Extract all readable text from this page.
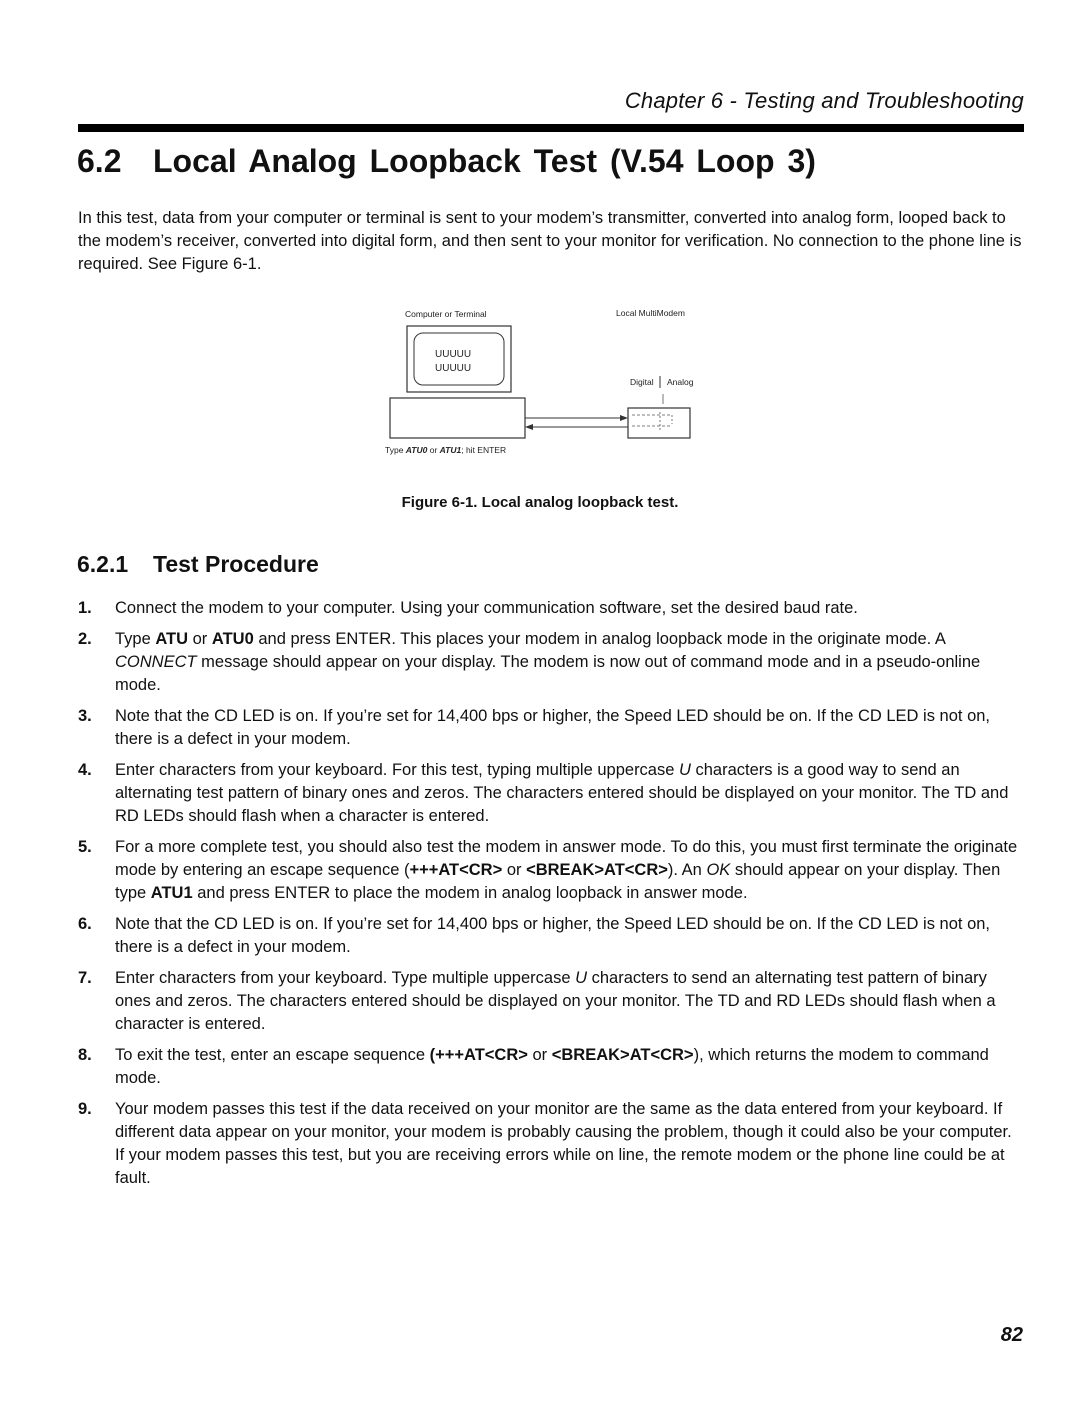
Chapter 6 - Testing and Troubleshooting
6.2 Local Analog Loopback Test (V.54 Loop 3)

In this test, data from your computer or terminal is sent to your modem’s transmitter, converted into analog form, looped back to the modem’s receiver, converted into digital form, and then sent to your monitor for verification. No connection to the phone line is required. See Figure 6-1.

Computer or Terminal	Local MultiModem
UUUUU
UUUUU
Digital Analog
Type ATU0 or ATU1; hit ENTER

Figure 6-1. Local analog loopback test.

6.2.1 Test Procedure
1.	Connect the modem to your computer. Using your communication software, set the desired baud rate.
2.	Type ATU or ATU0 and press ENTER. This places your modem in analog loopback mode in the originate mode. A CONNECT message should appear on your display. The modem is now out of command mode and in a pseudo-online mode.
3.	Note that the CD LED is on. If you’re set for 14,400 bps or higher, the Speed LED should be on. If the CD LED is not on, there is a defect in your modem.
4.	Enter characters from your keyboard. For this test, typing multiple uppercase U characters is a good way to send an alternating test pattern of binary ones and zeros. The characters entered should be displayed on your monitor. The TD and RD LEDs should flash when a character is entered.
5.	For a more complete test, you should also test the modem in answer mode. To do this, you must first terminate the originate mode by entering an escape sequence (+++AT<CR> or <BREAK>AT<CR>). An OK should appear on your display. Then type ATU1 and press ENTER to place the modem in analog loopback in answer mode.
6.	Note that the CD LED is on. If you’re set for 14,400 bps or higher, the Speed LED should be on. If the CD LED is not on, there is a defect in your modem.
7.	Enter characters from your keyboard. Type multiple uppercase U characters to send an alternating test pattern of binary ones and zeros. The characters entered should be displayed on your monitor. The TD and RD LEDs should flash when a character is entered.
8.	To exit the test, enter an escape sequence (+++AT<CR> or <BREAK>AT<CR>), which returns the modem to command mode.
9.	Your modem passes this test if the data received on your monitor are the same as the data entered from your keyboard. If different data appear on your monitor, your modem is probably causing the problem, though it could also be your computer. If your modem passes this test, but you are receiving errors while on line, the remote modem or the phone line could be at fault.
82
